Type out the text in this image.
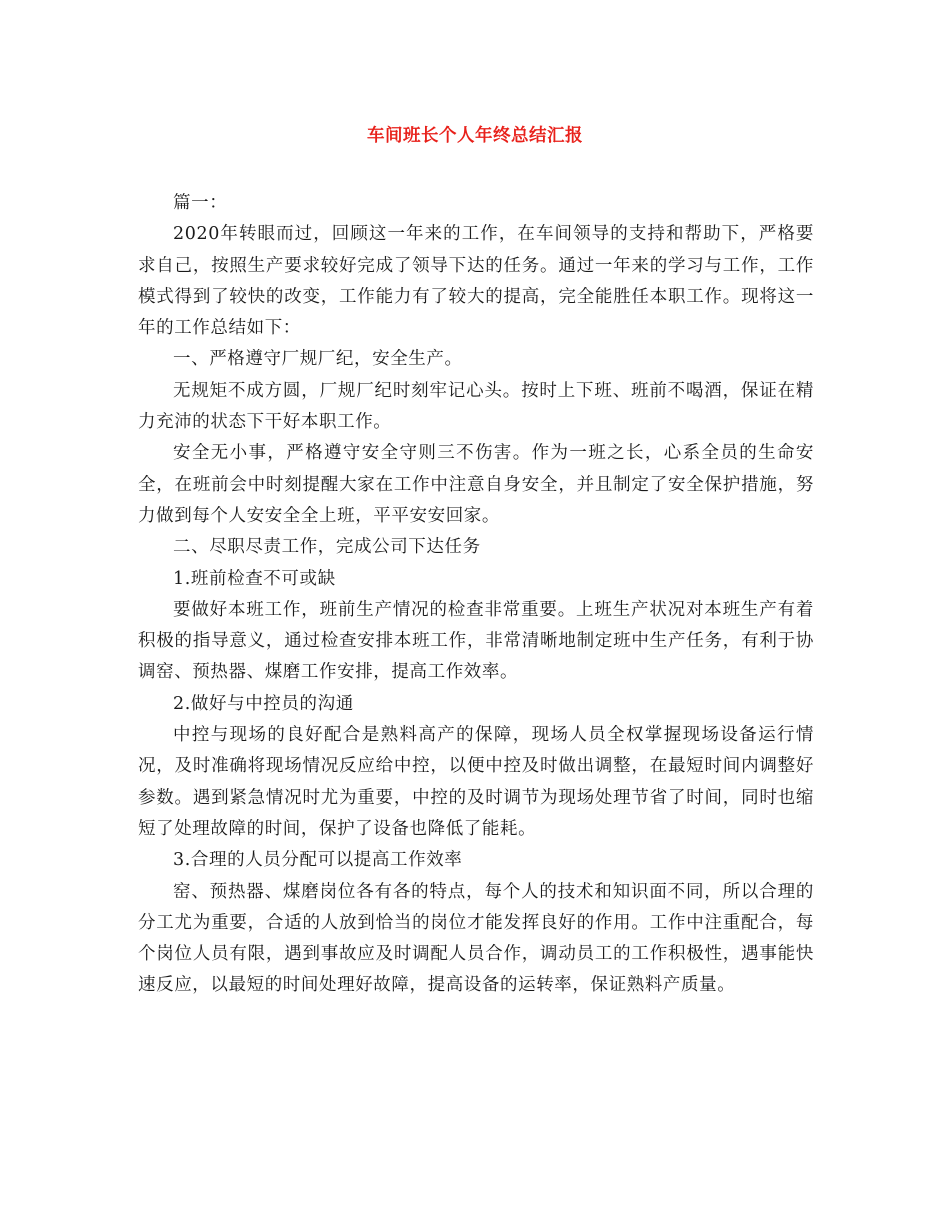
车间班长个人年终总结汇报

篇一：

2020年转眼而过，回顾这一年来的工作，在车间领导的支持和帮助下，严格要求自己，按照生产要求较好完成了领导下达的任务。通过一年来的学习与工作，工作模式得到了较快的改变，工作能力有了较大的提高，完全能胜任本职工作。现将这一年的工作总结如下：

一、严格遵守厂规厂纪，安全生产。

无规矩不成方圆，厂规厂纪时刻牢记心头。按时上下班、班前不喝酒，保证在精力充沛的状态下干好本职工作。

安全无小事，严格遵守安全守则三不伤害。作为一班之长，心系全员的生命安全，在班前会中时刻提醒大家在工作中注意自身安全，并且制定了安全保护措施，努力做到每个人安安全全上班，平平安安回家。

二、尽职尽责工作，完成公司下达任务

1.班前检查不可或缺

要做好本班工作，班前生产情况的检查非常重要。上班生产状况对本班生产有着积极的指导意义，通过检查安排本班工作，非常清晰地制定班中生产任务，有利于协调窑、预热器、煤磨工作安排，提高工作效率。

2.做好与中控员的沟通

中控与现场的良好配合是熟料高产的保障，现场人员全权掌握现场设备运行情况，及时准确将现场情况反应给中控，以便中控及时做出调整，在最短时间内调整好参数。遇到紧急情况时尤为重要，中控的及时调节为现场处理节省了时间，同时也缩短了处理故障的时间，保护了设备也降低了能耗。

3.合理的人员分配可以提高工作效率

窑、预热器、煤磨岗位各有各的特点，每个人的技术和知识面不同，所以合理的分工尤为重要，合适的人放到恰当的岗位才能发挥良好的作用。工作中注重配合，每个岗位人员有限，遇到事故应及时调配人员合作，调动员工的工作积极性，遇事能快速反应，以最短的时间处理好故障，提高设备的运转率，保证熟料产质量。
